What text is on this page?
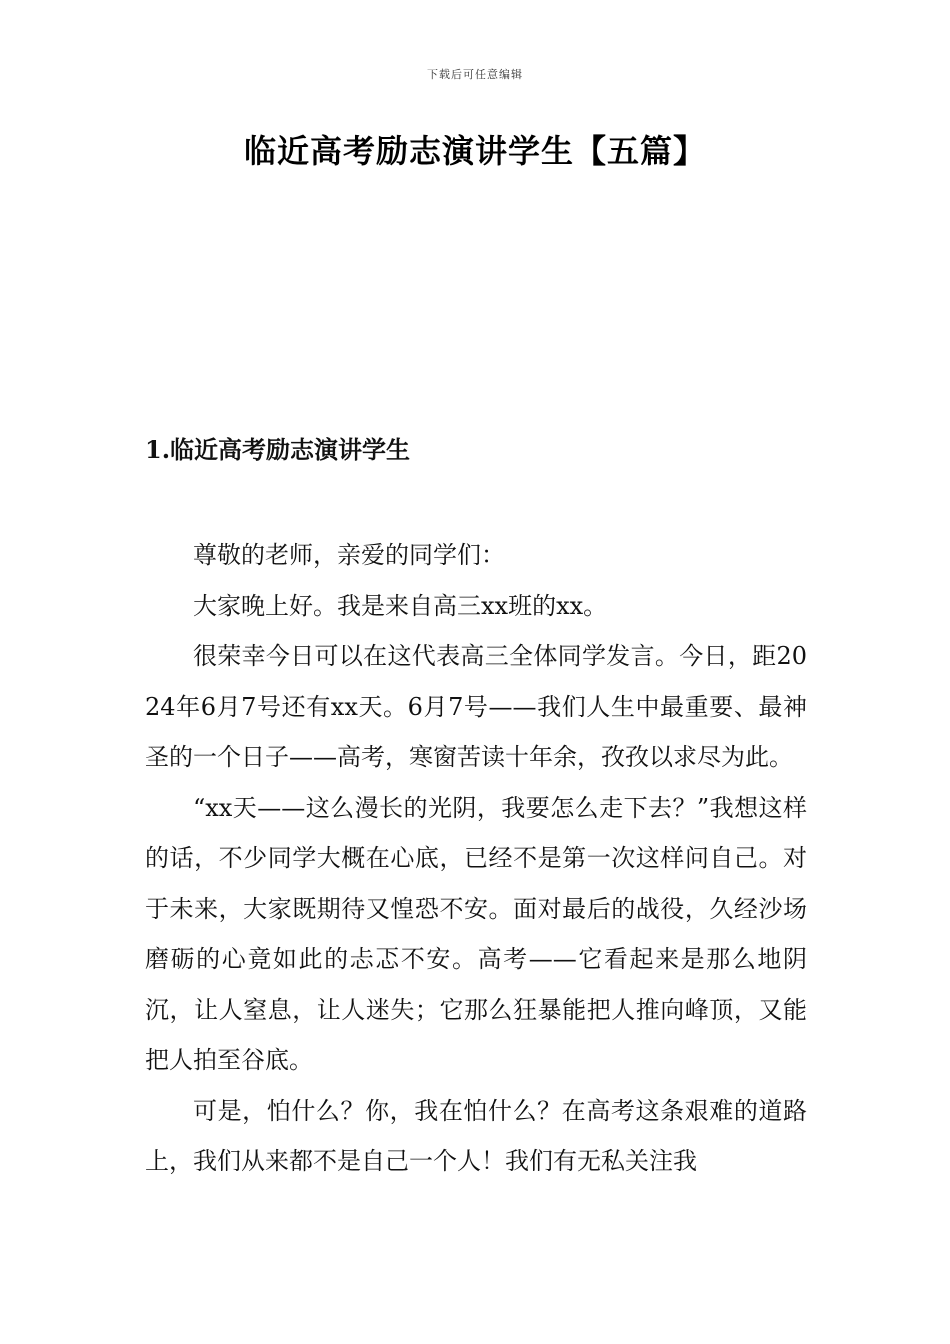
下载后可任意编辑
临近高考励志演讲学生【五篇】
1.临近高考励志演讲学生

尊敬的老师，亲爱的同学们：

大家晚上好。我是来自高三xx班的xx。

很荣幸今日可以在这代表高三全体同学发言。今日，距2024年6月7号还有xx天。6月7号——我们人生中最重要、最神圣的一个日子——高考，寒窗苦读十年余，孜孜以求尽为此。

“xx天——这么漫长的光阴，我要怎么走下去？”我想这样的话，不少同学大概在心底，已经不是第一次这样问自己。对于未来，大家既期待又惶恐不安。面对最后的战役，久经沙场磨砺的心竟如此的忐忑不安。高考——它看起来是那么地阴沉，让人窒息，让人迷失；它那么狂暴能把人推向峰顶，又能把人拍至谷底。

可是，怕什么？你，我在怕什么？在高考这条艰难的道路上，我们从来都不是自己一个人！我们有无私关注我
